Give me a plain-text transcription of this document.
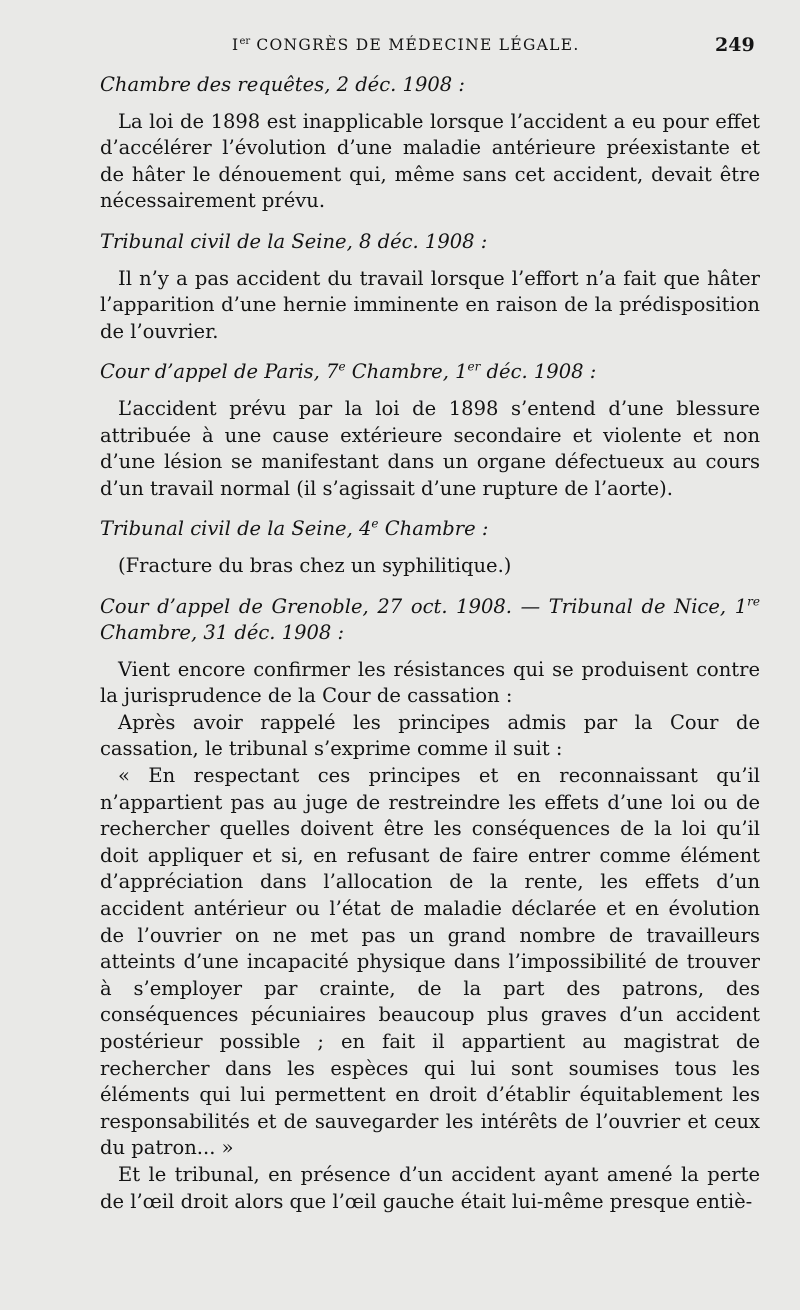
Ier CONGRÈS DE MÉDECINE LÉGALE.	249

Chambre des requêtes, 2 déc. 1908 :

La loi de 1898 est inapplicable lorsque l’accident a eu pour effet d’accélérer l’évolution d’une maladie antérieure préexistante et de hâter le dénouement qui, même sans cet accident, devait être nécessairement prévu.

Tribunal civil de la Seine, 8 déc. 1908 :

Il n’y a pas accident du travail lorsque l’effort n’a fait que hâter l’apparition d’une hernie imminente en raison de la prédisposition de l’ouvrier.

Cour d’appel de Paris, 7e Chambre, 1er déc. 1908 :

L’accident prévu par la loi de 1898 s’entend d’une blessure attribuée à une cause extérieure secondaire et violente et non d’une lésion se manifestant dans un organe défectueux au cours d’un travail normal (il s’agissait d’une rupture de l’aorte).

Tribunal civil de la Seine, 4e Chambre :

(Fracture du bras chez un syphilitique.)

Cour d’appel de Grenoble, 27 oct. 1908. — Tribunal de Nice, 1re Chambre, 31 déc. 1908 :

Vient encore confirmer les résistances qui se produisent contre la jurisprudence de la Cour de cassation :

Après avoir rappelé les principes admis par la Cour de cassation, le tribunal s’exprime comme il suit :

« En respectant ces principes et en reconnaissant qu’il n’appartient pas au juge de restreindre les effets d’une loi ou de rechercher quelles doivent être les conséquences de la loi qu’il doit appliquer et si, en refusant de faire entrer comme élément d’appréciation dans l’allocation de la rente, les effets d’un accident antérieur ou l’état de maladie déclarée et en évolution de l’ouvrier on ne met pas un grand nombre de travailleurs atteints d’une incapacité physique dans l’impossibilité de trouver à s’employer par crainte, de la part des patrons, des conséquences pécuniaires beaucoup plus graves d’un accident postérieur possible ; en fait il appartient au magistrat de rechercher dans les espèces qui lui sont soumises tous les éléments qui lui permettent en droit d’établir équitablement les responsabilités et de sauvegarder les intérêts de l’ouvrier et ceux du patron... »

Et le tribunal, en présence d’un accident ayant amené la perte de l’œil droit alors que l’œil gauche était lui-même presque entiè-
